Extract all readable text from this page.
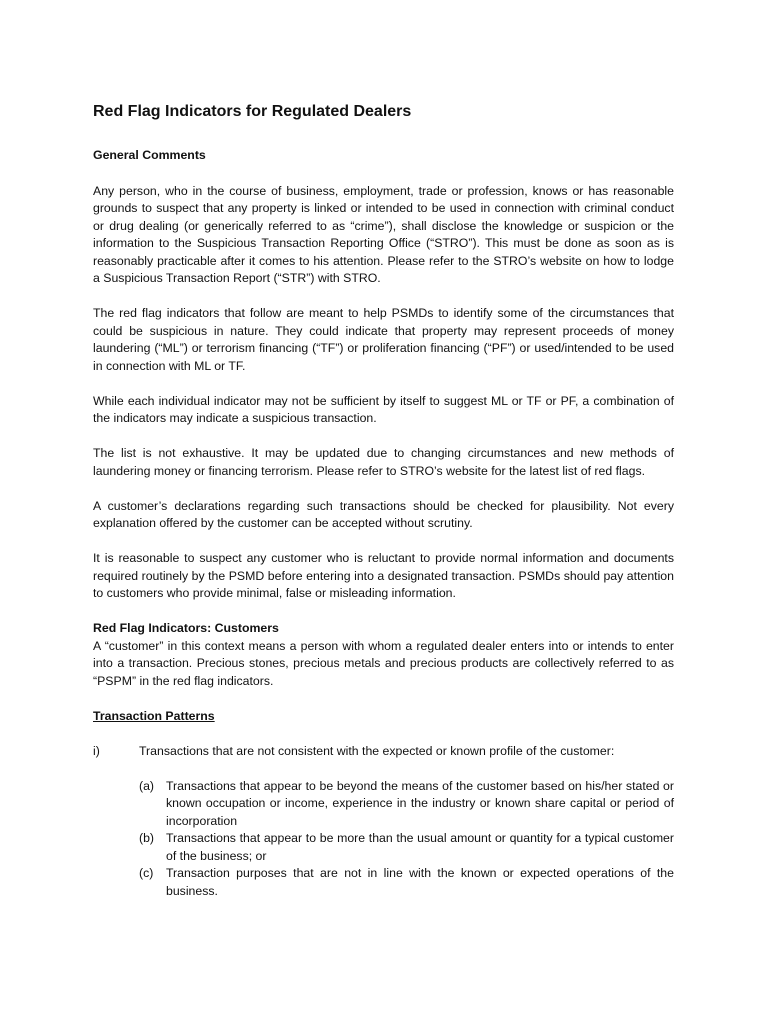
Red Flag Indicators for Regulated Dealers
General Comments

Any person, who in the course of business, employment, trade or profession, knows or has reasonable grounds to suspect that any property is linked or intended to be used in connection with criminal conduct or drug dealing (or generically referred to as “crime”), shall disclose the knowledge or suspicion or the information to the Suspicious Transaction Reporting Office (“STRO”). This must be done as soon as is reasonably practicable after it comes to his attention. Please refer to the STRO’s website on how to lodge a Suspicious Transaction Report (“STR”) with STRO.

The red flag indicators that follow are meant to help PSMDs to identify some of the circumstances that could be suspicious in nature. They could indicate that property may represent proceeds of money laundering (“ML”) or terrorism financing (“TF”) or proliferation financing (“PF”) or used/intended to be used in connection with ML or TF.

While each individual indicator may not be sufficient by itself to suggest ML or TF or PF, a combination of the indicators may indicate a suspicious transaction.

The list is not exhaustive. It may be updated due to changing circumstances and new methods of laundering money or financing terrorism. Please refer to STRO’s website for the latest list of red flags.

A customer’s declarations regarding such transactions should be checked for plausibility. Not every explanation offered by the customer can be accepted without scrutiny.

It is reasonable to suspect any customer who is reluctant to provide normal information and documents required routinely by the PSMD before entering into a designated transaction. PSMDs should pay attention to customers who provide minimal, false or misleading information.

Red Flag Indicators: Customers

A “customer” in this context means a person with whom a regulated dealer enters into or intends to enter into a transaction. Precious stones, precious metals and precious products are collectively referred to as “PSPM” in the red flag indicators.

Transaction Patterns
i)	Transactions that are not consistent with the expected or known profile of the customer:
(a) Transactions that appear to be beyond the means of the customer based on his/her stated or known occupation or income, experience in the industry or known share capital or period of incorporation
(b) Transactions that appear to be more than the usual amount or quantity for a typical customer of the business; or
(c)	Transaction purposes that are not in line with the known or expected operations of the business.
